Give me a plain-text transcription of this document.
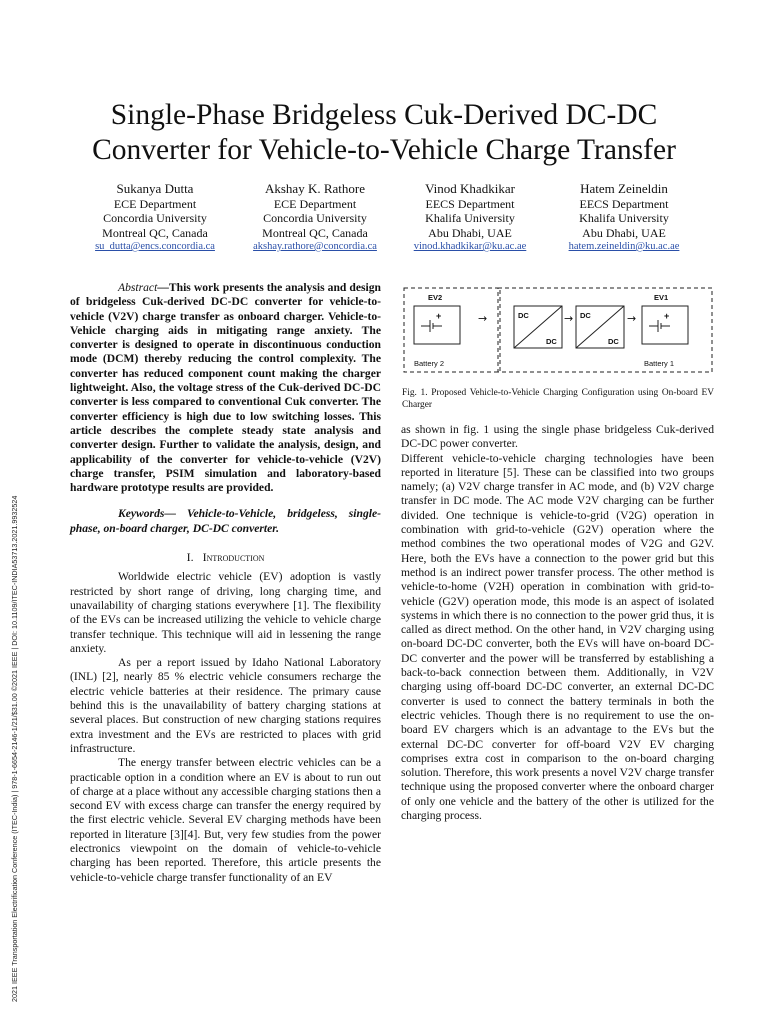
2021 IEEE Transportation Electrification Conference (ITEC-India) | 978-1-6654-2146-1/21/$31.00 ©2021 IEEE | DOI: 10.1109/ITEC-INDIA53713.2021.9932524
Single-Phase Bridgeless Cuk-Derived DC-DC
Converter for Vehicle-to-Vehicle Charge Transfer
Sukanya Dutta
ECE Department
Concordia University
Montreal QC, Canada
su_dutta@encs.concordia.ca
Akshay K. Rathore
ECE Department
Concordia University
Montreal QC, Canada
akshay.rathore@concordia.ca
Vinod Khadkikar
EECS Department
Khalifa University
Abu Dhabi, UAE
vinod.khadkikar@ku.ac.ae
Hatem Zeineldin
EECS Department
Khalifa University
Abu Dhabi, UAE
hatem.zeineldin@ku.ac.ae

Abstract—This work presents the analysis and design of bridgeless Cuk-derived DC-DC converter for vehicle-to-vehicle (V2V) charge transfer as onboard charger. Vehicle-to-Vehicle charging aids in mitigating range anxiety. The converter is designed to operate in discontinuous conduction mode (DCM) thereby reducing the control complexity. The converter has reduced component count making the charger lightweight. Also, the voltage stress of the Cuk-derived DC-DC converter is less compared to conventional Cuk converter. The converter efficiency is high due to low switching losses. This article describes the complete steady state analysis and converter design. Further to validate the analysis, design, and applicability of the converter for vehicle-to-vehicle (V2V) charge transfer, PSIM simulation and laboratory-based hardware prototype results are provided.

Keywords— Vehicle-to-Vehicle, bridgeless, single-phase, on-board charger, DC-DC converter.

I. Introduction

Worldwide electric vehicle (EV) adoption is vastly restricted by short range of driving, long charging time, and unavailability of charging stations everywhere [1]. The flexibility of the EVs can be increased utilizing the vehicle to vehicle charge transfer technique. This technique will aid in lessening the range anxiety.

As per a report issued by Idaho National Laboratory (INL) [2], nearly 85 % electric vehicle consumers recharge the electric vehicle batteries at their residence. The primary cause behind this is the unavailability of battery charging stations at several places. But construction of new charging stations requires extra investment and the EVs are restricted to places with grid infrastructure.

The energy transfer between electric vehicles can be a practicable option in a condition where an EV is about to run out of charge at a place without any accessible charging stations then a second EV with excess charge can transfer the energy required by the first electric vehicle. Several EV charging methods have been reported in literature [3][4]. But, very few studies from the power electronics viewpoint on the domain of vehicle-to-vehicle charging has been reported. Therefore, this article presents the vehicle-to-vehicle charge transfer functionality of an EV

EV2	EV1
Battery 2	Battery 1
DC
DC
DC
DC
+	+
→	→	→
Fig. 1. Proposed Vehicle-to-Vehicle Charging Configuration using On-board EV Charger

as shown in fig. 1 using the single phase bridgeless Cuk-derived DC-DC power converter.

Different vehicle-to-vehicle charging technologies have been reported in literature [5]. These can be classified into two groups namely; (a) V2V charge transfer in AC mode, and (b) V2V charge transfer in DC mode. The AC mode V2V charging can be further divided. One technique is vehicle-to-grid (V2G) operation in combination with grid-to-vehicle (G2V) operation where the method combines the two operational modes of V2G and G2V. Here, both the EVs have a connection to the power grid but this method is an indirect power transfer process. The other method is vehicle-to-home (V2H) operation in combination with grid-to-vehicle (G2V) operation mode, this mode is an aspect of isolated systems in which there is no connection to the power grid thus, it is called as direct method. On the other hand, in V2V charging using on-board DC-DC converter, both the EVs will have on-board DC-DC converter and the power will be transferred by establishing a back-to-back connection between them. Additionally, in V2V charging using off-board DC-DC converter, an external DC-DC converter is used to connect the battery terminals in both the electric vehicles. Though there is no requirement to use the on-board EV chargers which is an advantage to the EVs but the external DC-DC converter for off-board V2V EV charging comprises extra cost in comparison to the on-board charging solution. Therefore, this work presents a novel V2V charge transfer technique using the proposed converter where the onboard charger of only one vehicle and the battery of the other is utilized for the charging process.
